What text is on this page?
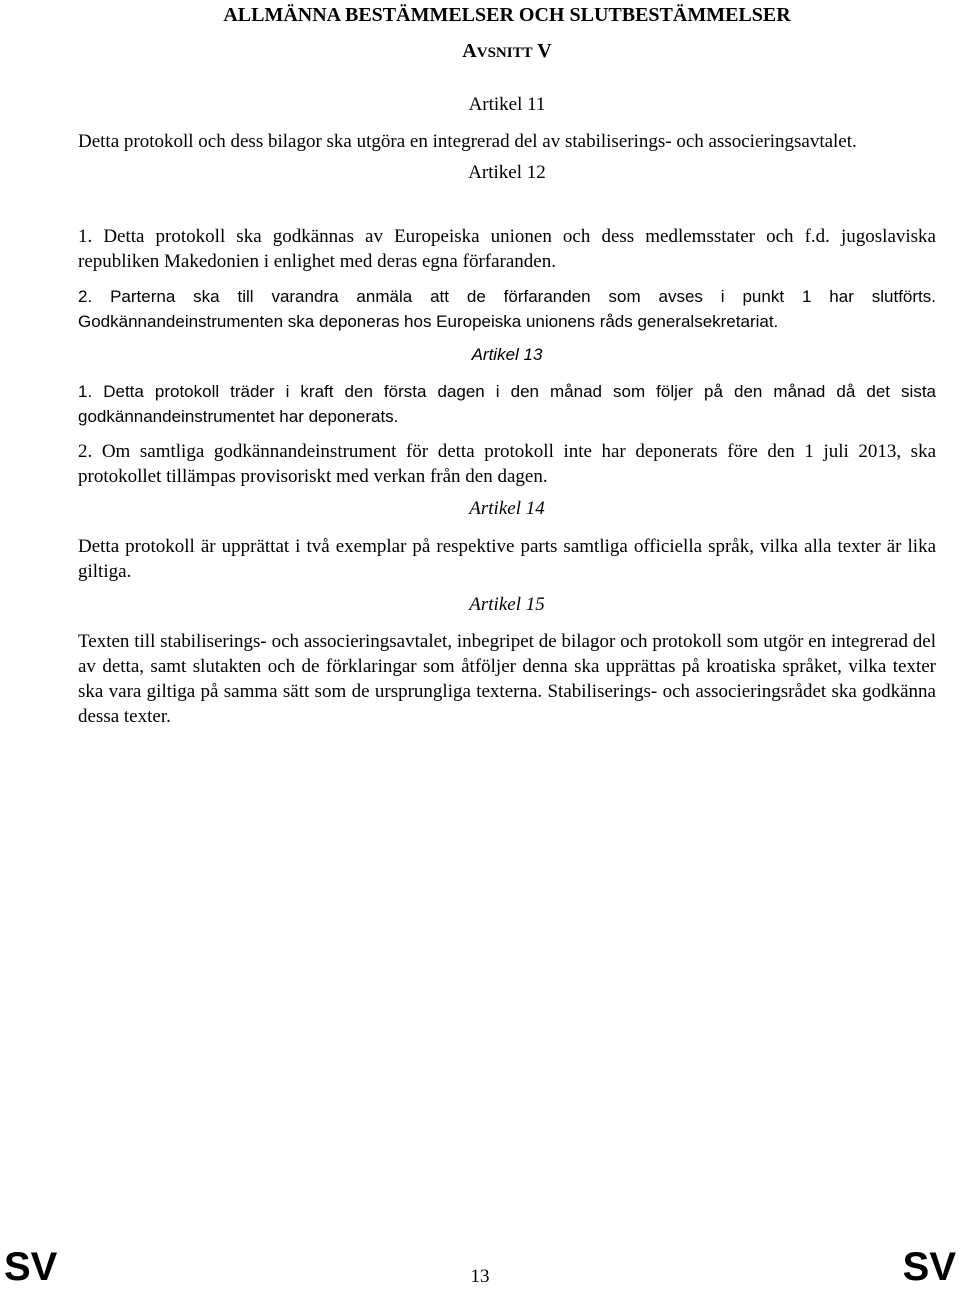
ALLMÄNNA BESTÄMMELSER OCH SLUTBESTÄMMELSER
AVSNITT V
Artikel 11
Detta protokoll och dess bilagor ska utgöra en integrerad del av stabiliserings- och associeringsavtalet.
Artikel 12
1. Detta protokoll ska godkännas av Europeiska unionen och dess medlemsstater och f.d. jugoslaviska republiken Makedonien i enlighet med deras egna förfaranden.
2. Parterna ska till varandra anmäla att de förfaranden som avses i punkt 1 har slutförts. Godkännandeinstrumenten ska deponeras hos Europeiska unionens råds generalsekretariat.
Artikel 13
1. Detta protokoll träder i kraft den första dagen i den månad som följer på den månad då det sista godkännandeinstrumentet har deponerats.
2. Om samtliga godkännandeinstrument för detta protokoll inte har deponerats före den 1 juli 2013, ska protokollet tillämpas provisoriskt med verkan från den dagen.
Artikel 14
Detta protokoll är upprättat i två exemplar på respektive parts samtliga officiella språk, vilka alla texter är lika giltiga.
Artikel 15
Texten till stabiliserings- och associeringsavtalet, inbegripet de bilagor och protokoll som utgör en integrerad del av detta, samt slutakten och de förklaringar som åtföljer denna ska upprättas på kroatiska språket, vilka texter ska vara giltiga på samma sätt som de ursprungliga texterna. Stabiliserings- och associeringsrådet ska godkänna dessa texter.
SV	13	SV
